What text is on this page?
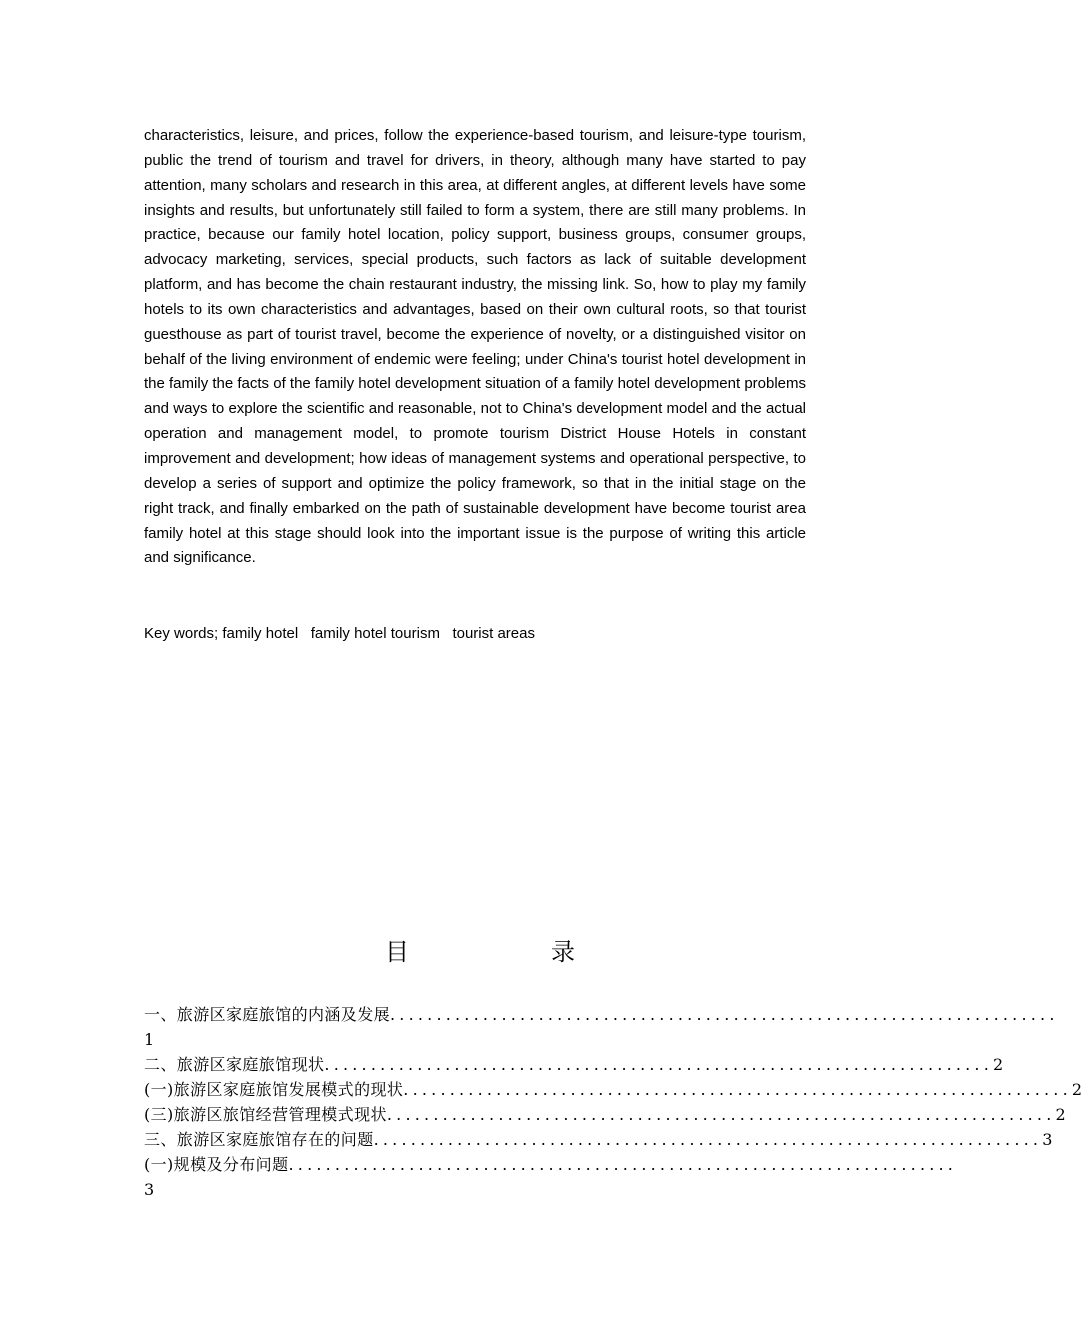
characteristics, leisure, and prices, follow the experience-based tourism, and leisure-type tourism, public the trend of tourism and travel for drivers, in theory, although many have started to pay attention, many scholars and research in this area, at different angles, at different levels have some insights and results, but unfortunately still failed to form a system, there are still many problems. In practice, because our family hotel location, policy support, business groups, consumer groups, advocacy marketing, services, special products, such factors as lack of suitable development platform, and has become the chain restaurant industry, the missing link. So, how to play my family hotels to its own characteristics and advantages, based on their own cultural roots, so that tourist guesthouse as part of tourist travel, become the experience of novelty, or a distinguished visitor on behalf of the living environment of endemic were feeling; under China's tourist hotel development in the family the facts of the family hotel development situation of a family hotel development problems and ways to explore the scientific and reasonable, not to China's development model and the actual operation and management model, to promote tourism District House Hotels in constant improvement and development; how ideas of management systems and operational perspective, to develop a series of support and optimize the policy framework, so that in the initial stage on the right track, and finally embarked on the path of sustainable development have become tourist area family hotel at this stage should look into the important issue is the purpose of writing this article and significance.

Key words; family hotel   family hotel tourism   tourist areas

目	录
一、旅游区家庭旅馆的内涵及发展 ........................................................................
1
二、旅游区家庭旅馆现状 ........................................................................ 2
(一)旅游区家庭旅馆发展模式的现状 ........................................................................ 2
(三)旅游区旅馆经营管理模式现状 ........................................................................ 2
三、旅游区家庭旅馆存在的问题 ........................................................................ 3
(一)规模及分布问题 ........................................................................
3
